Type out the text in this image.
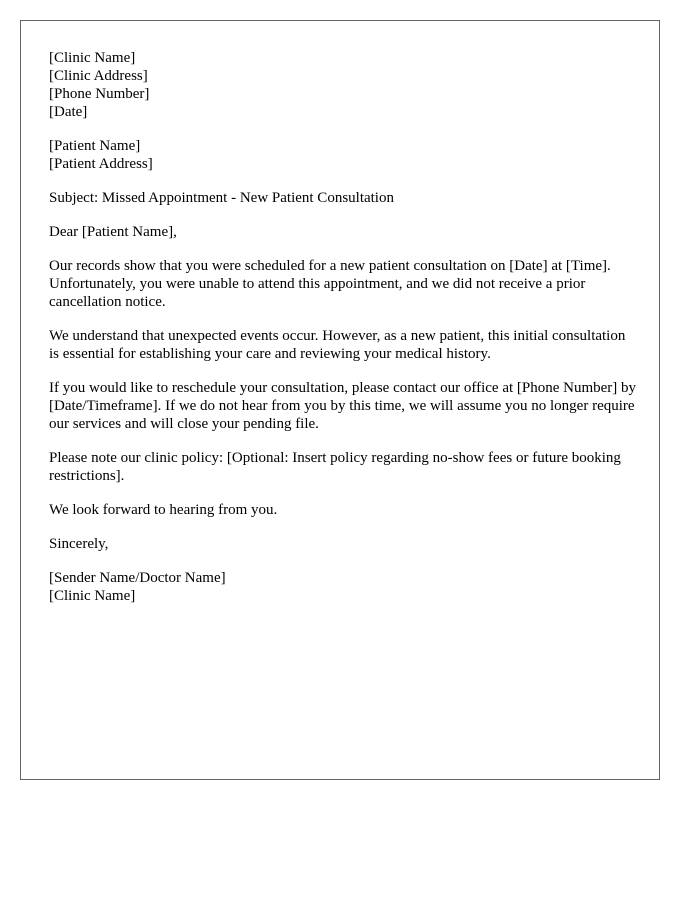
[Clinic Name]
[Clinic Address]
[Phone Number]
[Date]
[Patient Name]
[Patient Address]

Subject: Missed Appointment - New Patient Consultation

Dear [Patient Name],

Our records show that you were scheduled for a new patient consultation on [Date] at [Time]. Unfortunately, you were unable to attend this appointment, and we did not receive a prior cancellation notice.

We understand that unexpected events occur. However, as a new patient, this initial consultation is essential for establishing your care and reviewing your medical history.

If you would like to reschedule your consultation, please contact our office at [Phone Number] by [Date/Timeframe]. If we do not hear from you by this time, we will assume you no longer require our services and will close your pending file.

Please note our clinic policy: [Optional: Insert policy regarding no-show fees or future booking restrictions].

We look forward to hearing from you.

Sincerely,

[Sender Name/Doctor Name]
[Clinic Name]
